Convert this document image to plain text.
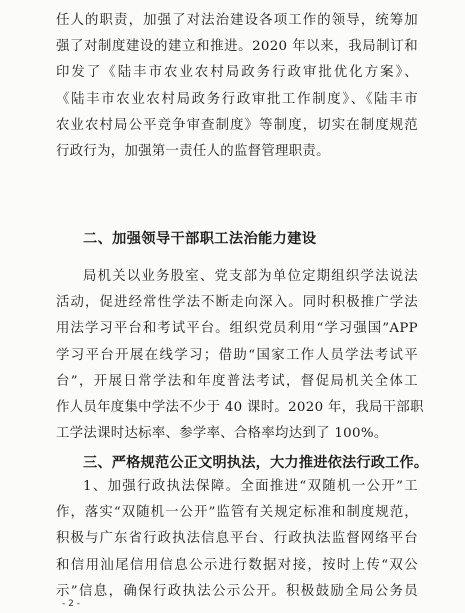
任人的职责，加强了对法治建设各项工作的领导，统筹加
强了对制度建设的建立和推进。2020 年以来，我局制订和
印发了《陆丰市农业农村局政务行政审批优化方案》、
《陆丰市农业农村局政务行政审批工作制度》、《陆丰市
农业农村局公平竞争审查制度》等制度，切实在制度规范
行政行为，加强第一责任人的监督管理职责。
二、加强领导干部职工法治能力建设
局机关以业务股室、党支部为单位定期组织学法说法
活动，促进经常性学法不断走向深入。同时积极推广学法
用法学习平台和考试平台。组织党员利用“学习强国”APP
学习平台开展在线学习；借助“国家工作人员学法考试平
台”，开展日常学法和年度普法考试，督促局机关全体工
作人员年度集中学法不少于 40 课时。2020 年，我局干部职
工学法课时达标率、参学率、合格率均达到了 100%。
三、严格规范公正文明执法，大力推进依法行政工作。
1、加强行政执法保障。全面推进“双随机一公开”工
作，落实“双随机一公开”监管有关规定标准和制度规范，
积极与广东省行政执法信息平台、行政执法监督网络平台
和信用汕尾信用信息公示进行数据对接，按时上传“双公
示”信息，确保行政执法公示公开。积极鼓励全局公务员
- 2 -
